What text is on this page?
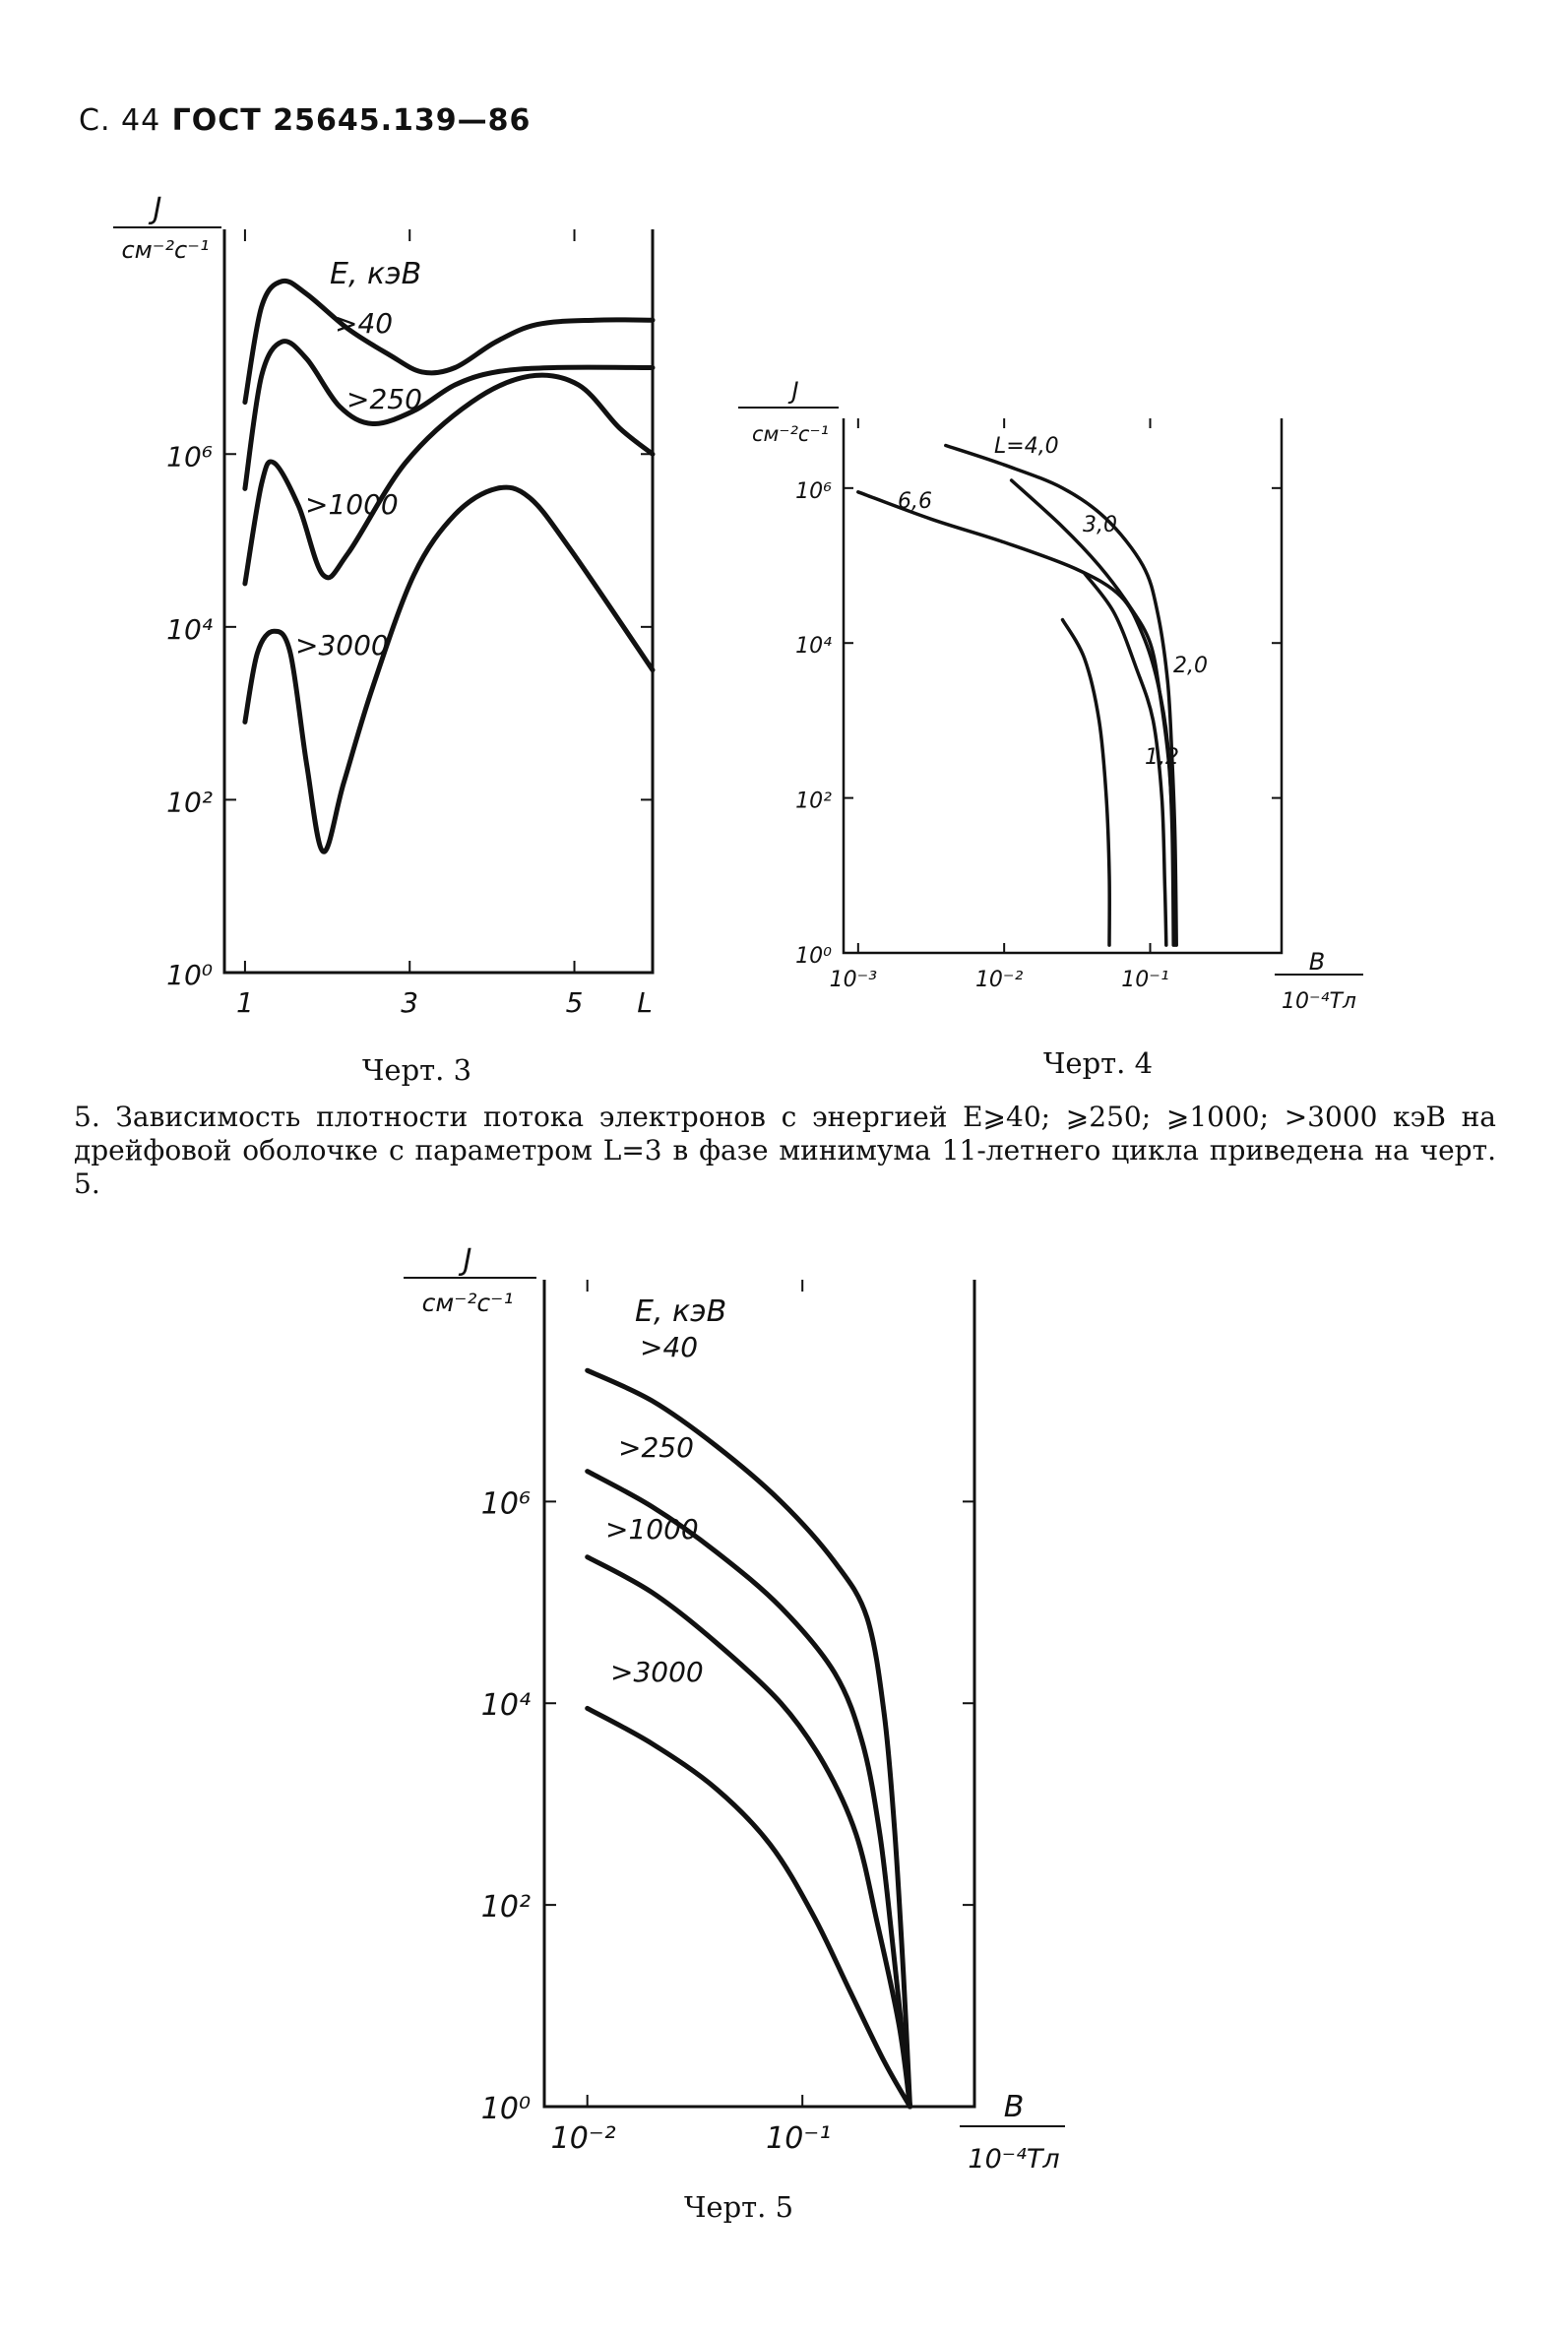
С. 44 ГОСТ 25645.139—86
J
см⁻²с⁻¹
10⁰
10²
10⁴
10⁶
1	3	5 L
E, кэВ
>40
>250
>1000
>3000
Черт. 3
J
см⁻²с⁻¹
10⁰
10²
10⁴
10⁶
10⁻³	10⁻²	10⁻¹
B
10⁻⁴Тл
L=4,0
3,0
6,6
2,0
1,2
Черт. 4
5. Зависимость плотности потока электронов с энергией E⩾40; ⩾250; ⩾1000; >3000 кэВ на дрейфовой оболочке с параметром L=3 в фазе минимума 11-летнего цикла приведена на черт. 5.
J
см⁻²с⁻¹
10⁰
10²
10⁴
10⁶
10⁻²	10⁻¹
B
10⁻⁴Тл
E, кэВ
>40
>250
>1000
>3000
Черт. 5
